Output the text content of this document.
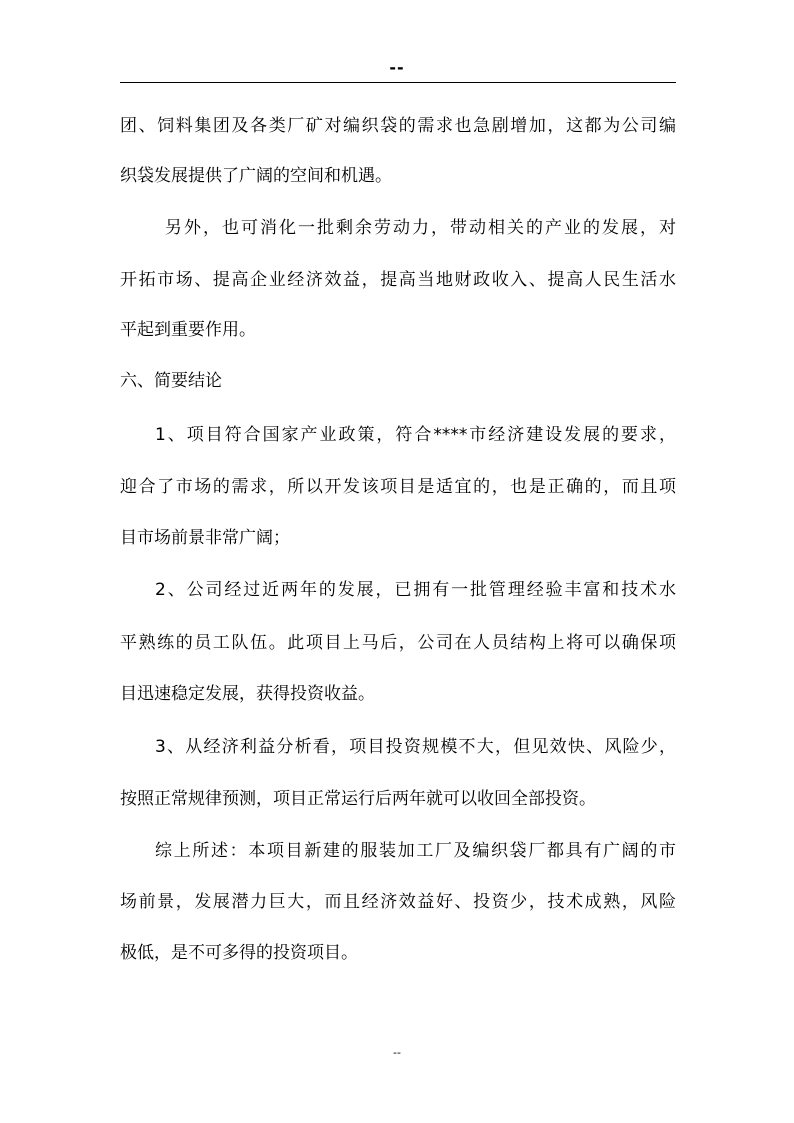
--
团、饲料集团及各类厂矿对编织袋的需求也急剧增加，这都为公司编
织袋发展提供了广阔的空间和机遇。
另外，也可消化一批剩余劳动力，带动相关的产业的发展，对
开拓市场、提高企业经济效益，提高当地财政收入、提高人民生活水
平起到重要作用。
六、简要结论
1、项目符合国家产业政策，符合****市经济建设发展的要求，
迎合了市场的需求，所以开发该项目是适宜的，也是正确的，而且项
目市场前景非常广阔；
2、公司经过近两年的发展，已拥有一批管理经验丰富和技术水
平熟练的员工队伍。此项目上马后，公司在人员结构上将可以确保项
目迅速稳定发展，获得投资收益。
3、从经济利益分析看，项目投资规模不大，但见效快、风险少，
按照正常规律预测，项目正常运行后两年就可以收回全部投资。
综上所述：本项目新建的服装加工厂及编织袋厂都具有广阔的市
场前景，发展潜力巨大，而且经济效益好、投资少，技术成熟，风险
极低，是不可多得的投资项目。
--
